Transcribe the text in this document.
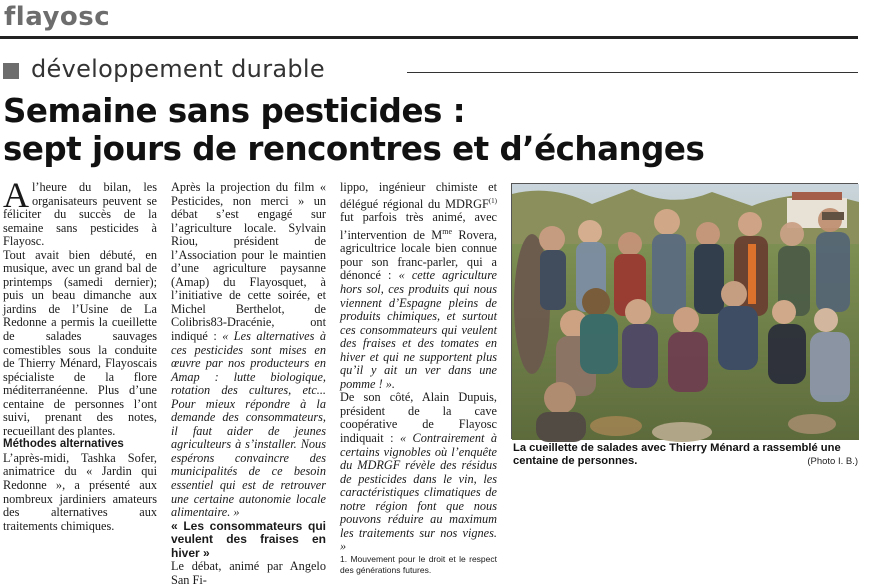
flayosc
développement durable
Semaine sans pesticides :
sept jours de rencontres et d’échanges

Al’heure du bilan, les organisateurs peuvent se féliciter du succès de la semaine sans pesticides à Flayosc.

Tout avait bien débuté, en musique, avec un grand bal de printemps (samedi dernier); puis un beau dimanche aux jardins de l’Usine de La Redonne a permis la cueillette de salades sauvages comestibles sous la conduite de Thierry Ménard, Flayoscais spécialiste de la flore méditerranéenne. Plus d’une centaine de personnes l’ont suivi, prenant des notes, recueillant des plantes.

Méthodes alternatives

L’après-midi, Tashka Sofer, animatrice du « Jardin qui Redonne », a présenté aux nombreux jardiniers amateurs des alternatives aux traitements chimiques.

Après la projection du film « Pesticides, non merci » un débat s’est engagé sur l’agriculture locale. Sylvain Riou, président de l’Association pour le maintien d’une agriculture paysanne (Amap) du Flayosquet, à l’initiative de cette soirée, et Michel Berthelot, de Colibris83-Dracénie, ont indiqué : « Les alternatives à ces pesticides sont mises en œuvre par nos producteurs en Amap : lutte biologique, rotation des cultures, etc... Pour mieux répondre à la demande des consommateurs, il faut aider de jeunes agriculteurs à s’installer. Nous espérons convaincre des municipalités de ce besoin essentiel qui est de retrouver une certaine autonomie locale alimentaire. »

« Les consommateurs qui veulent des fraises en hiver »

Le débat, animé par Angelo San Fi-

lippo, ingénieur chimiste et délégué régional du MDRGF$^{(1)}$ fut parfois très animé, avec l’intervention de $M^{me}$ Rovera, agricultrice locale bien connue pour son franc-parler, qui a dénoncé : « cette agriculture hors sol, ces produits qui nous viennent d’Espagne pleins de produits chimiques, et surtout ces consommateurs qui veulent des fraises et des tomates en hiver et qui ne supportent plus qu’il y ait un ver dans une pomme ! ».

De son côté, Alain Dupuis, président de la cave coopérative de Flayosc indiquait : « Contrairement à certains vignobles où l’enquête du MDRGF révèle des résidus de pesticides dans le vin, les caractéristiques climatiques de notre région font que nous pouvons réduire au maximum les traitements sur nos vignes. »

1. Mouvement pour le droit et le respect des générations futures.

La cueillette de salades avec Thierry Ménard a rassemblé une centaine de personnes.	(Photo I. B.)
